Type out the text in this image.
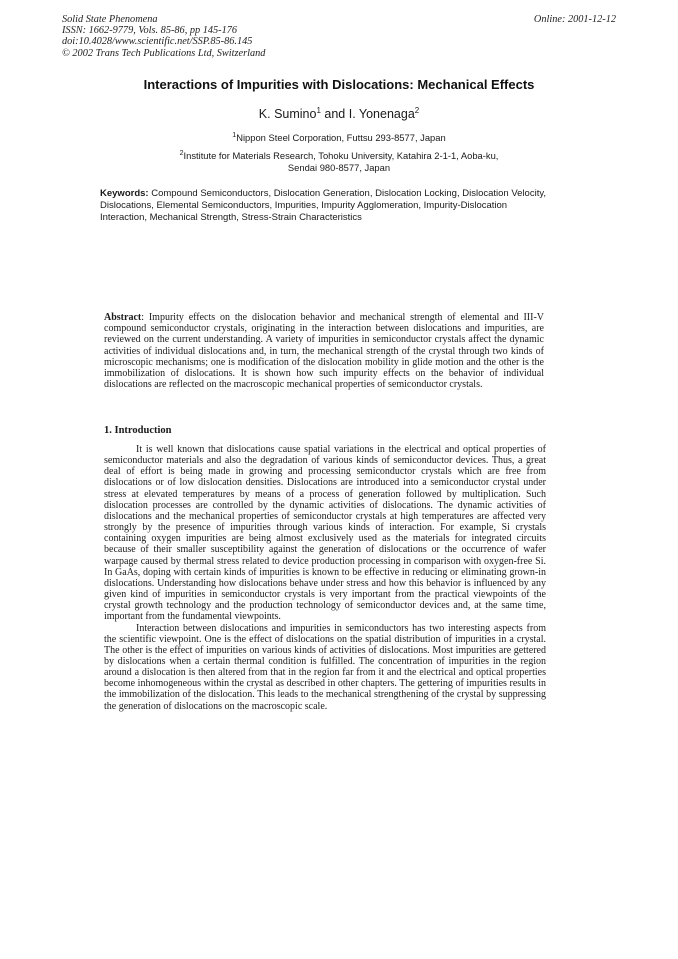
Solid State Phenomena
ISSN: 1662-9779, Vols. 85-86, pp 145-176
doi:10.4028/www.scientific.net/SSP.85-86.145
© 2002 Trans Tech Publications Ltd, Switzerland
Online: 2001-12-12
Interactions of Impurities with Dislocations: Mechanical Effects
K. Sumino$^1$ and I. Yonenaga$^2$
$^1$Nippon Steel Corporation, Futtsu 293-8577, Japan
$^2$Institute for Materials Research, Tohoku University, Katahira 2-1-1, Aoba-ku,
Sendai 980-8577, Japan
Keywords: Compound Semiconductors, Dislocation Generation, Dislocation Locking, Dislocation Velocity, Dislocations, Elemental Semiconductors, Impurities, Impurity Agglomeration, Impurity-Dislocation Interaction, Mechanical Strength, Stress-Strain Characteristics
Abstract: Impurity effects on the dislocation behavior and mechanical strength of elemental and III-V compound semiconductor crystals, originating in the interaction between dislocations and impurities, are reviewed on the current understanding. A variety of impurities in semiconductor crystals affect the dynamic activities of individual dislocations and, in turn, the mechanical strength of the crystal through two kinds of microscopic mechanisms; one is modification of the dislocation mobility in glide motion and the other is the immobilization of dislocations. It is shown how such impurity effects on the behavior of individual dislocations are reflected on the macroscopic mechanical properties of semiconductor crystals.
1. Introduction

It is well known that dislocations cause spatial variations in the electrical and optical properties of semiconductor materials and also the degradation of various kinds of semiconductor devices. Thus, a great deal of effort is being made in growing and processing semiconductor crystals which are free from dislocations or of low dislocation densities. Dislocations are introduced into a semiconductor crystal under stress at elevated temperatures by means of a process of generation followed by multiplication. Such dislocation processes are controlled by the dynamic activities of dislocations. The dynamic activities of dislocations and the mechanical properties of semiconductor crystals at high temperatures are affected very strongly by the presence of impurities through various kinds of interaction. For example, Si crystals containing oxygen impurities are being almost exclusively used as the materials for integrated circuits because of their smaller susceptibility against the generation of dislocations or the occurrence of wafer warpage caused by thermal stress related to device production processing in comparison with oxygen-free Si. In GaAs, doping with certain kinds of impurities is known to be effective in reducing or eliminating grown-in dislocations. Understanding how dislocations behave under stress and how this behavior is influenced by any given kind of impurities in semiconductor crystals is very important from the practical viewpoints of the crystal growth technology and the production technology of semiconductor devices and, at the same time, important from the fundamental viewpoints.

Interaction between dislocations and impurities in semiconductors has two interesting aspects from the scientific viewpoint. One is the effect of dislocations on the spatial distribution of impurities in a crystal. The other is the effect of impurities on various kinds of activities of dislocations. Most impurities are gettered by dislocations when a certain thermal condition is fulfilled. The concentration of impurities in the region around a dislocation is then altered from that in the region far from it and the electrical and optical properties become inhomogeneous within the crystal as described in other chapters. The gettering of impurities results in the immobilization of the dislocation. This leads to the mechanical strengthening of the crystal by suppressing the generation of dislocations on the macroscopic scale.
